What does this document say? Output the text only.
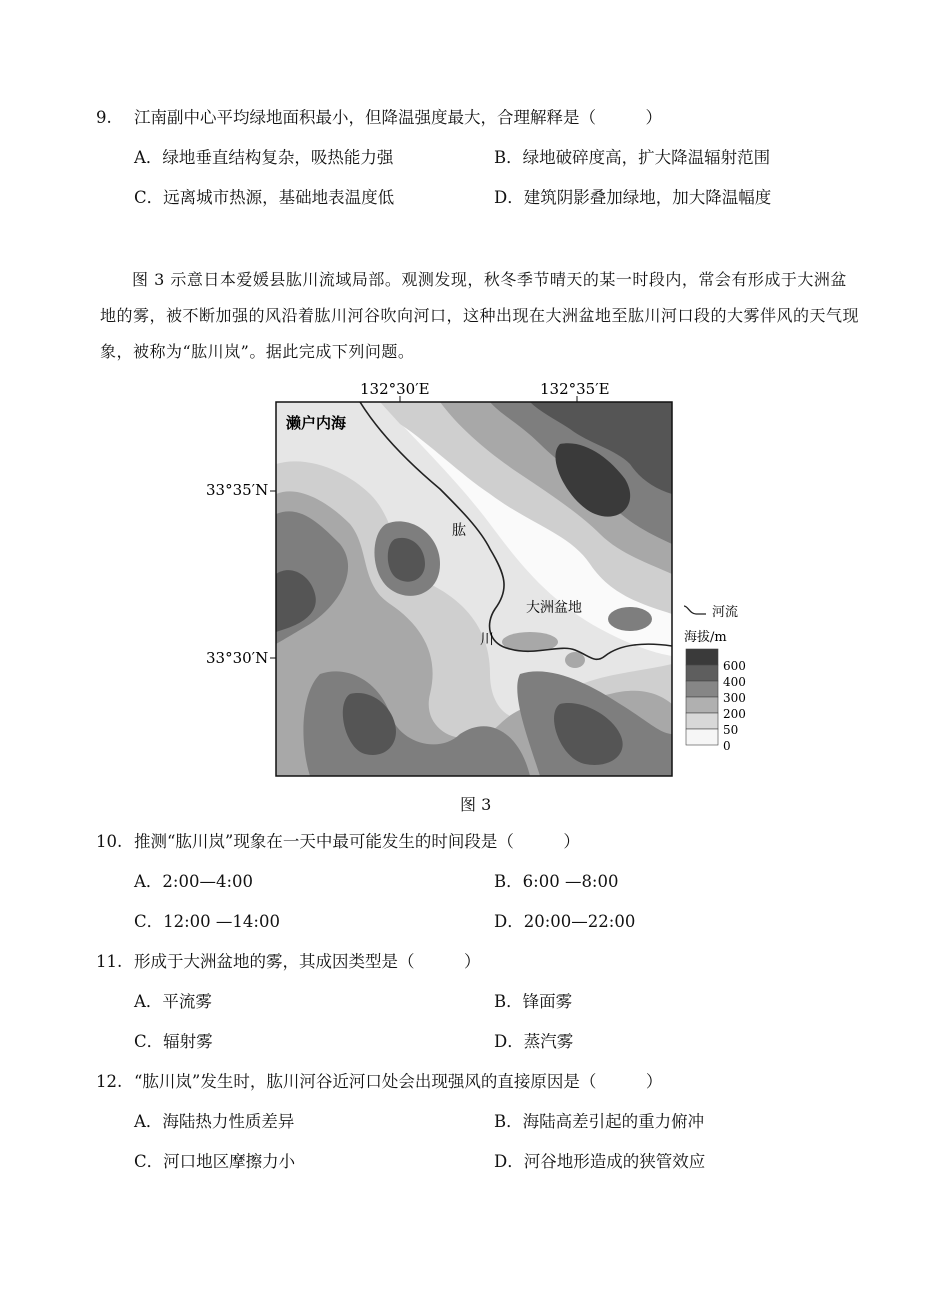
9. 江南副中心平均绿地面积最小，但降温强度最大，合理解释是（　　　）
A．绿地垂直结构复杂，吸热能力强	B．绿地破碎度高，扩大降温辐射范围
C．远离城市热源，基础地表温度低	D．建筑阴影叠加绿地，加大降温幅度
图 3 示意日本爱媛县肱川流域局部。观测发现，秋冬季节晴天的某一时段内，常会有形成于大洲盆地的雾，被不断加强的风沿着肱川河谷吹向河口，这种出现在大洲盆地至肱川河口段的大雾伴风的天气现象，被称为“肱川岚”。据此完成下列问题。
132°30′E	132°35′E
33°35′N
33°30′N
濑户内海
肱
川
大洲盆地	河流
海拔/m
600
400
300
200
50
0
图 3
10. 推测“肱川岚”现象在一天中最可能发生的时间段是（　　　）
A．2:00—4:00	B．6:00 —8:00
C．12:00 —14:00	D．20:00—22:00
11. 形成于大洲盆地的雾，其成因类型是（　　　）
A．平流雾	B．锋面雾
C．辐射雾	D．蒸汽雾
12. “肱川岚”发生时，肱川河谷近河口处会出现强风的直接原因是（　　　）
A．海陆热力性质差异	B．海陆高差引起的重力俯冲
C．河口地区摩擦力小	D．河谷地形造成的狭管效应
